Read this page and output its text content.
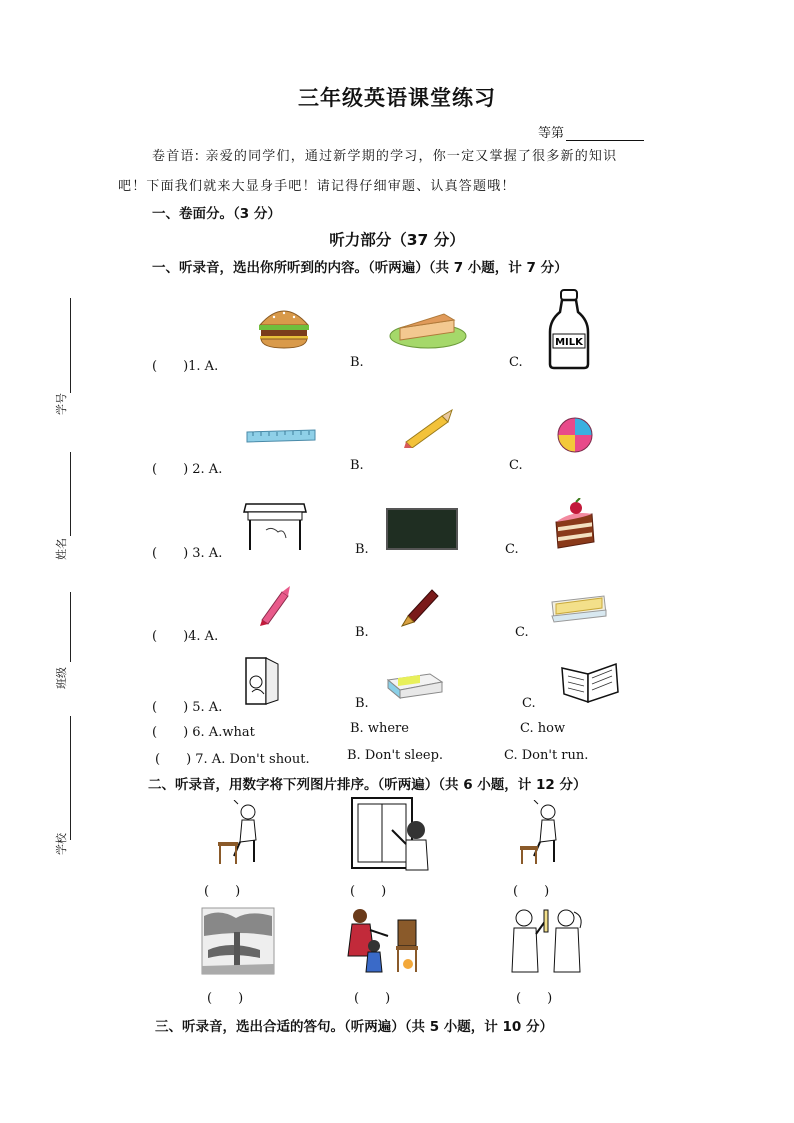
三年级英语课堂练习
等第
卷首语: 亲爱的同学们，通过新学期的学习，你一定又掌握了很多新的知识
吧！下面我们就来大显身手吧！请记得仔细审题、认真答题哦！
一、卷面分。（3 分）
听力部分（37 分）
一、听录音，选出你所听到的内容。（听两遍）（共 7 小题，计 7 分）
学号
姓名
班级
学校
(　　)1. A.	B.	C.
MILK
(　　) 2. A.	B.	C.
(　　) 3. A.	B.	C.
(　　)4. A.	B.	C.
(　　) 5. A.	B.	C.
(　　) 6. A.what	B. where	C. how
(　　) 7. A. Don't shout.	B. Don't sleep.	C. Don't run.
二、听录音，用数字将下列图片排序。（听两遍）（共 6 小题，计 12 分）
(　　)	(　　)	(　　)
(　　)	(　　)	(　　)
三、听录音，选出合适的答句。（听两遍）（共 5 小题，计 10 分）
